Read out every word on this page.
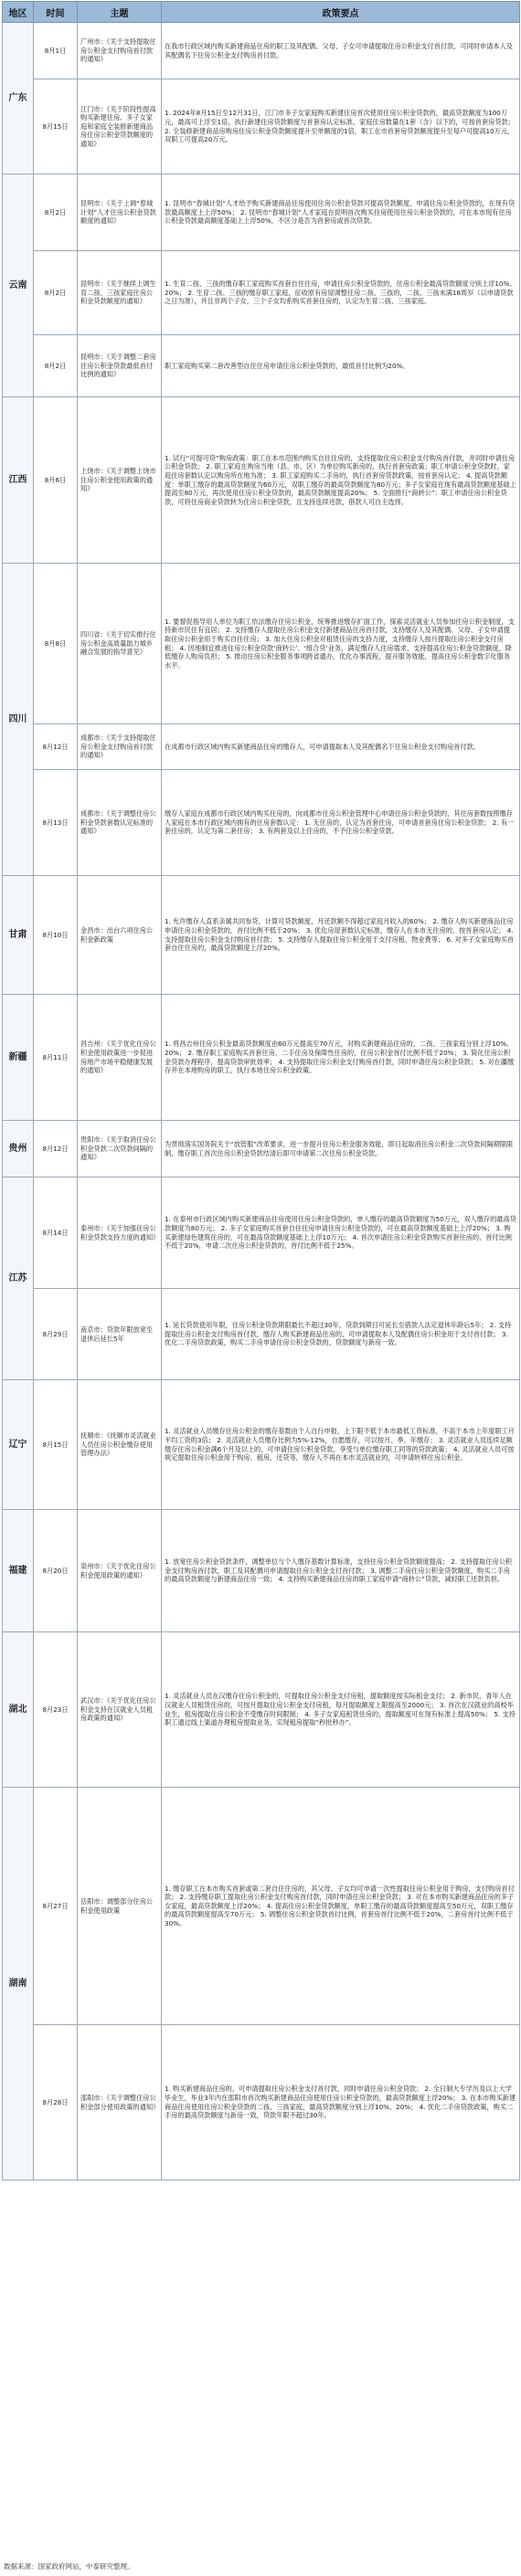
地区	时间	主题	政策要点
广东	8月1日	广州市：《关于支持提取住房公积金支付购房首付款的通知》	在我市行政区域内购买新建商品住房的职工及其配偶、父母、子女可申请提取住房公积金支付首付款，可同时申请本人及其配偶名下住房公积金支付购房首付款。
	8月15日	江门市：《关于阶段性提高购买新建住房、多子女家庭和家庭全装修新建商品房住房公积金贷款额度的通知》	1. 2024年8月15日至12月31日，江门市多子女家庭购买新建住房首次使用住房公积金贷款的，最高贷款额度为100万元，最高可上浮至1倍，执行新建住房贷款额度与首套房认定标准，家庭住房数量在1套（含）以下的，可按首套房贷款； 2. 全装修新建商品房购房住房公积金贷款额度提升至单额度的1倍，职工在市首套房贷款额度提升至每户可提高10万元，双职工可提高20万元。
云南	8月2日	昆明市：《关于上调“春城计划”人才住房公积金贷款额度的通知》	1. 昆明市“春城计划”人才给予购买新建商品住房使用住房公积金贷款可提高贷款额度，申请住房公积金贷款的，在现有贷款最高额度上上浮50%； 2. 昆明市“春城计划”人才家庭在昆明首次购买住房使用住房公积金贷款的，可在本市现有住房公积金贷款最高额度基础上上浮50%，不区分是否为首套房或首次贷款。
	8月2日	昆明市：《关于继续上调生育二孩、三孩家庭住房公积金贷款额度的通知》	1. 生育二孩、三孩的缴存职工家庭购买首套自住住房，申请住房公积金贷款的，住房公积金最高贷款额度分别上浮10%、20%； 2. 生育二孩、三孩的缴存职工家庭，征收原有房屋调整住房二孩、三孩的，二孩、三孩未满18周岁（以申请贷款之日为准），并且非两个子女，三个子女均系购买首套住房的，认定为生育二孩、三孩家庭。
	8月2日	昆明市：《关于调整二套房住房公积金贷款最低首付比例的通知》	职工家庭购买第二套改善型自住住房申请住房公积金贷款的，最低首付比例为20%。
江西	8月6日	上饶市：《关于调整上饶市住房公积金使用政策的通知》	1. 试行“可提可贷”购房政策：职工在本市范围内购买自住住房的，支持提取住房公积金支付购房首付款，并同时申请住房公积金贷款； 2. 职工家庭在购房当地（县、市、区）为单位购买新房的，执行首套房政策；职工申请公积金贷款时，家庭住房套数认定以购房所在地为准； 3. 职工家庭购买二手房的，执行首套房贷款政策，按首套房认定； 4. 提高贷款额度：单职工缴存的最高贷款额度为60万元，双职工缴存的最高贷款额度为80万元；多子女家庭在现有最高贷款额度基础上提高至80万元，再次使用住房公积金贷款的，最高贷款额度提高20%； 5. 全面推行“商转公”：职工申请住房公积金贷款，可将住房商业贷款转为住房公积金贷款，且支持连续还款，借款人可自主选择。
四川	8月8日	四川省：《关于切实推行住房公积金高质量助力城乡融合发展的指导意见》	1. 要督促指导用人单位为职工依法缴存住房公积金，统筹推进缴存扩面工作，探索灵活就业人员参加住房公积金制度，支持新市民住有宜居； 2. 支持缴存人提取住房公积金支付新建商品住房首付款，支持缴存人及其配偶、父母、子女申请提取住房公积金用于购买自住住房； 3. 加大住房公积金对租赁住房的支持力度，支持缴存人按月提取住房公积金支付房租； 4. 因地制宜推进住房公积金贷款‘商转公’、‘组合贷’业务，满足缴存人住房需求，支持提高住房公积金贷款额度，降低缴存人购房负担； 5. 推动住房公积金服务事项跨省通办，优化办事流程，提升服务效能，提高住房公积金数字化服务水平。
	8月12日	成都市：《关于支持提取住房公积金支付购房首付款的通知》	在成都市行政区域内购买新建商品住房的缴存人，可申请提取本人及其配偶名下住房公积金支付购房首付款。
	8月13日	成都市：《关于调整住房公积金贷款套数认定标准的通知》	缴存人家庭在成都市行政区域内购买住房的，向成都市住房公积金管理中心申请住房公积金贷款的，其住房套数按照缴存人家庭在本市行政区域内拥有的住房套数认定： 1. 无住房的，认定为首套住房，可申请首套房住房公积金贷款； 2. 有一套住房的，认定为第二套住房； 3. 有两套及以上住房的，不予住房公积金贷款。
甘肃	8月10日	金昌市：出台六项住房公积金新政策	1. 允许缴存人直系亲属共同参贷，计算可贷款额度，月还款额不得超过家庭月收入的60%； 2. 缴存人购买新建商品住房申请住房公积金贷款的，首付比例不低于20%； 3. 优化房屋套数认定标准，缴存人在本市无住房的，按首套房认定； 4. 支持提取住房公积金支付购房首付款； 5. 支持缴存人提取住房公积金用于支付房租、物业费等； 6. 对多子女家庭购买首套自住住房的，最高贷款额度上浮20%。
新疆	8月11日	昌吉州：《关于优化住房公积金使用政策进一步促进房地产市场平稳健康发展的通知》	1. 将昌吉州住房公积金最高贷款额度由60万元提高至70万元，对购买新建商品住房的，二孩、三孩家庭分别上浮10%、20%； 2. 缴存职工家庭购买首套住房、二手住房及保障性住房的，住房公积金首付比例不低于20%； 3. 简化住房公积金贷款办理程序，提高贷款审批效率； 4. 支持提取住房公积金支付购房首付款，同时申请住房公积金贷款； 5. 对在疆缴存并在本地购房的职工，执行本地住房公积金政策。
贵州	8月12日	贵阳市：《关于取消住房公积金贷款二次贷款间隔的通知》	为贯彻落实国务院关于“放管服”改革要求，进一步提升住房公积金服务效能，即日起取消住房公积金二次贷款间隔期限限制，缴存职工首次住房公积金贷款结清后即可申请第二次住房公积金贷款。
江苏	8月14日	泰州市：《关于加强住房公积金贷款支持力度的通知》	1. 在泰州市行政区域内购买新建商品住房使用住房公积金贷款的，单人缴存的最高贷款额度为50万元，双人缴存的最高贷款额度为80万元； 2. 多子女家庭购买首套自住住房申请住房公积金贷款的，可在最高贷款额度基础上上浮20%； 3. 购买新建绿色建筑住房的，可在最高贷款额度基础上上浮10万元； 4. 首次申请住房公积金贷款购买首套住房的，首付比例不低于20%，申请二次住房公积金贷款的，首付比例不低于25%。
	8月29日	南京市：贷款年限放宽至退休后延长5年	1. 延长贷款使用年限，住房公积金贷款期限最长不超过30年，贷款到期日可延长至借款人法定退休年龄后5年； 2. 支持提取住房公积金支付购房首付款，缴存人购买新建商品住房的，可申请提取本人及配偶住房公积金用于支付首付款； 3. 优化二手房贷款政策，购买二手房申请住房公积金贷款的，贷款额度与新房一致。
辽宁	8月15日	抚顺市：《抚顺市灵活就业人员住房公积金缴存使用管理办法》	1. 灵活就业人员缴存住房公积金的缴存基数由个人自行申报，上下限不低于本市最低工资标准，不高于本市上年度职工月平均工资的3倍； 2. 灵活就业人员缴存比例为5%-12%，自愿缴存，可以按月、季、年缴存； 3. 灵活就业人员连续足额缴存住房公积金满6个月及以上的，可申请住房公积金贷款，享受与单位缴存职工同等的贷款政策； 4. 灵活就业人员可按规定提取住房公积金用于购房、租房、还贷等，缴存人不再在本市灵活就业的，可申请转移住房公积金。
福建	8月20日	泉州市：《关于优化住房公积金使用政策的通知》	1. 放宽住房公积金贷款条件，调整单位与个人缴存基数计算标准，支持住房公积金贷款额度提高； 2. 支持提取住房公积金支付购房首付款，职工及其配偶可申请提取住房公积金支付首付款； 3. 调整二手房住房公积金贷款额度，购买二手房的最高贷款额度与新建商品住房一致； 4. 支持购买新建商品住房的职工家庭申请“商转公”贷款，减轻职工还款负担。
湖北	8月23日	武汉市：《关于优化住房公积金支持在汉就业人员租房政策的通知》	1. 灵活就业人员在汉缴存住房公积金的，可提取住房公积金支付房租，提取额度按实际租金支付； 2. 新市民、青年人在汉就业人员租赁住房的，可按月提取住房公积金支付房租，每月提取额度上限提高至2000元； 3. 首次在汉就业的高校毕业生，租房提取住房公积金不受缴存时间限制； 4. 多子女家庭租赁住房的，提取额度可在现有标准上提高50%； 5. 支持职工通过线上渠道办理租房提取业务，实现租房提取“秒批秒办”。
湖南	8月27日	岳阳市：调整部分住房公积金使用政策	1. 缴存职工在本市购买首套或第二套自住住房的，其父母、子女均可申请一次性提取住房公积金用于购房，支付购房首付款； 2. 支持缴存职工提取住房公积金支付购房首付款，同时申请住房公积金贷款； 3. 对在本市购买新建商品住房的多子女家庭，最高贷款额度上浮20%； 4. 提高住房公积金贷款额度，单职工缴存的最高贷款额度提高至50万元，双职工缴存的最高贷款额度提高至70万元； 5. 调整住房公积金贷款首付比例，首套房首付比例不低于20%，二套房首付比例不低于30%。
	8月28日	邵阳市：《关于调整住房公积金部分使用政策的通知》	1. 购买新建商品住房的，可申请提取住房公积金支付首付款，同时申请住房公积金贷款； 2. 全日制大专学历及以上大学毕业生，毕业3年内在邵阳市首次购买新建商品住房使用住房公积金贷款的，最高贷款额度上浮20%； 3. 在本市购买新建商品住房使用住房公积金贷款的二孩、三孩家庭，最高贷款额度分别上浮10%、20%； 4. 优化二手房贷款政策，购买二手房的最高贷款额度与新房一致，贷款年限不超过30年。
数据来源：国家政府网站，中泰研究整理。
